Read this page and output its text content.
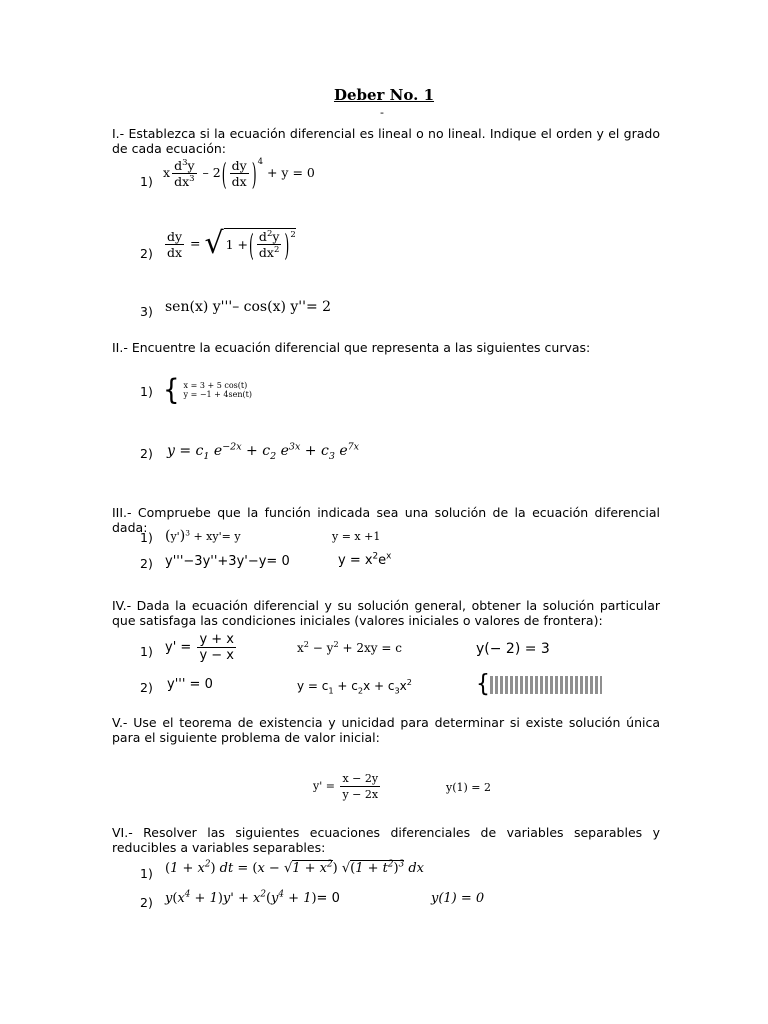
Deber No. 1
-
I.- Establezca si la ecuación diferencial es lineal o no lineal. Indique el orden y el grado de cada ecuación:
1)
x $\frac{d^3y}{dx^3} - 2( \frac{dy}{dx} )^4 + y = 0$
$2) \frac{dy}{dx}$ = √ 1 + ( $\frac{d^2y}{dx^2} )^2$
3) sen(x) y'''– cos(x) y''= 2
II.- Encuentre la ecuación diferencial que representa a las siguientes curvas:
1) { x = 3 + 5 cos(t)
y = −1 + 4sen(t)
2) $y = c_1$ $e^{-2x} + c_2$ $e^{3x} + c_3$ $e^{7x}$
III.- Compruebe que la función indicada sea una solución de la ecuación diferencial dada:
1) $(y')^3 + xy'= y$	y = x +1
2) y'''−3y''+3y'−y= 0	$y = x^2e^x$
IV.- Dada la ecuación diferencial y su solución general, obtener la solución particular que satisfaga las condiciones iniciales (valores iniciales o valores de frontera):
1) $y' = \frac{y + x}{y - x}$	$x^2 - y^2 + 2xy = c$	y(− 2) = 3
2) y''' = 0	$y = c_1 + c_2x + c_3x^2$	{
V.- Use el teorema de existencia y unicidad para determinar si existe solución única para el siguiente problema de valor inicial:
$y' = \frac{x - 2y}{y - 2x}$	y(1) = 2
VI.- Resolver las siguientes ecuaciones diferenciales de variables separables y reducibles a variables separables:
1) $(1 + x^2)$ dt = $(x - √1 + x^2)$ $√(1 + t^2)^3$ dx
2) $y(x^4 + 1)y' + x^2(y^4 + 1)= 0$	y(1) = 0
